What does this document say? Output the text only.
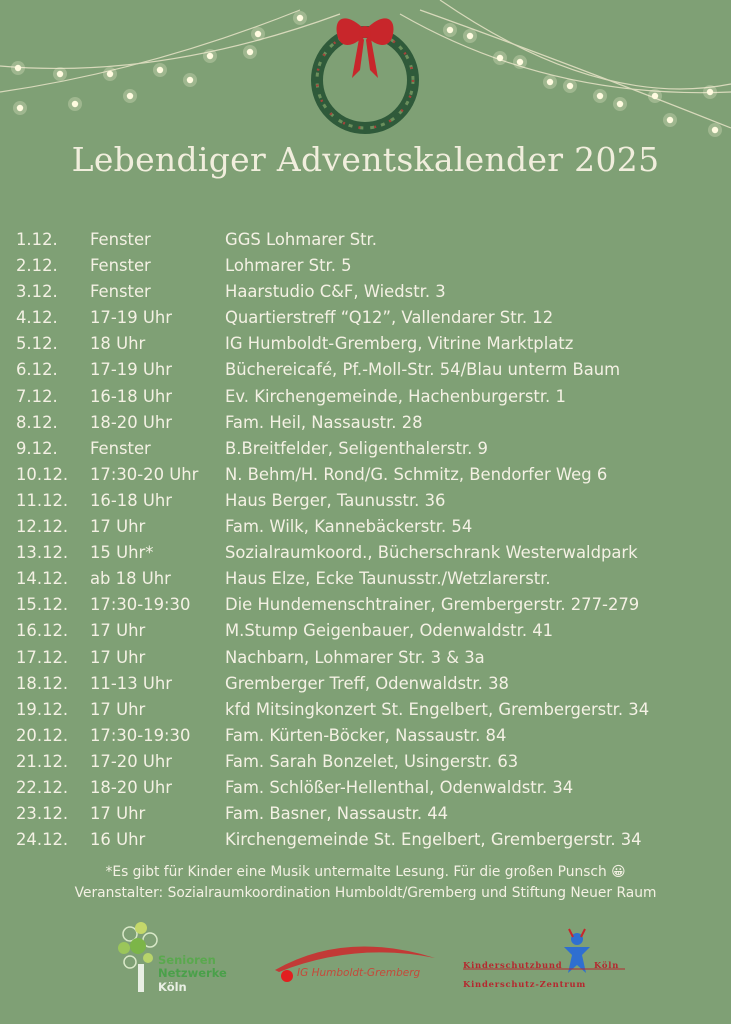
Lebendiger Adventskalender 2025
1.12. Fenster	GGS Lohmarer Str.
2.12. Fenster	Lohmarer Str. 5
3.12. Fenster	Haarstudio C&F, Wiedstr. 3
4.12. 17-19 Uhr	Quartierstreff “Q12”, Vallendarer Str. 12
5.12. 18 Uhr	IG Humboldt-Gremberg, Vitrine Marktplatz
6.12. 17-19 Uhr	Büchereicafé, Pf.-Moll-Str. 54/Blau unterm Baum
7.12. 16-18 Uhr	Ev. Kirchengemeinde, Hachenburgerstr. 1
8.12. 18-20 Uhr	Fam. Heil, Nassaustr. 28
9.12. Fenster	B.Breitfelder, Seligenthalerstr. 9
10.12. 17:30-20 Uhr N. Behm/H. Rond/G. Schmitz, Bendorfer Weg 6
11.12. 16-18 Uhr	Haus Berger, Taunusstr. 36
12.12. 17 Uhr	Fam. Wilk, Kannebäckerstr. 54
13.12. 15 Uhr*	Sozialraumkoord., Bücherschrank Westerwaldpark
14.12. ab 18 Uhr	Haus Elze, Ecke Taunusstr./Wetzlarerstr.
15.12. 17:30-19:30 Die Hundemenschtrainer, Grembergerstr. 277-279
16.12. 17 Uhr	M.Stump Geigenbauer, Odenwaldstr. 41
17.12. 17 Uhr	Nachbarn, Lohmarer Str. 3 & 3a
18.12. 11-13 Uhr	Gremberger Treff, Odenwaldstr. 38
19.12. 17 Uhr	kfd Mitsingkonzert St. Engelbert, Grembergerstr. 34
20.12. 17:30-19:30 Fam. Kürten-Böcker, Nassaustr. 84
21.12. 17-20 Uhr	Fam. Sarah Bonzelet, Usingerstr. 63
22.12. 18-20 Uhr	Fam. Schlößer-Hellenthal, Odenwaldstr. 34
23.12. 17 Uhr	Fam. Basner, Nassaustr. 44
24.12. 16 Uhr	Kirchengemeinde St. Engelbert, Grembergerstr. 34
*Es gibt für Kinder eine Musik untermalte Lesung. Für die großen Punsch 😀
Veranstalter: Sozialraumkoordination Humboldt/Gremberg und Stiftung Neuer Raum
Senioren
Netzwerke
Köln
IG Humboldt-Gremberg
Kinderschutzbund	Köln
Kinderschutz-Zentrum
